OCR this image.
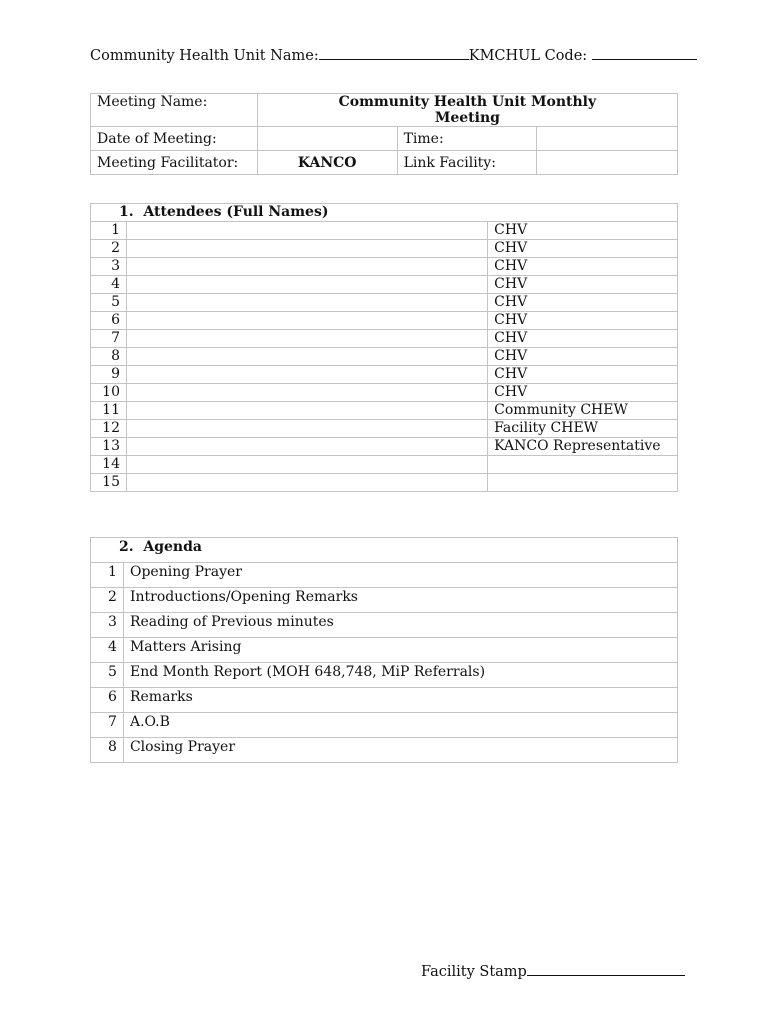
Community Health Unit Name:	KMCHUL Code:
Meeting Name:	Community Health Unit Monthly
Meeting		
Date of Meeting:		Time:	
Meeting Facilitator:	KANCO	Link Facility:	
1. Attendees (Full Names)		
1		CHV
2		CHV
3		CHV
4		CHV
5		CHV
6		CHV
7		CHV
8		CHV
9		CHV
10		CHV
11		Community CHEW
12		Facility CHEW
13		KANCO Representative
14		
15		
2. Agenda	
1	Opening Prayer
2	Introductions/Opening Remarks
3	Reading of Previous minutes
4	Matters Arising
5	End Month Report (MOH 648,748, MiP Referrals)
6	Remarks
7	A.O.B
8	Closing Prayer
Facility Stamp
